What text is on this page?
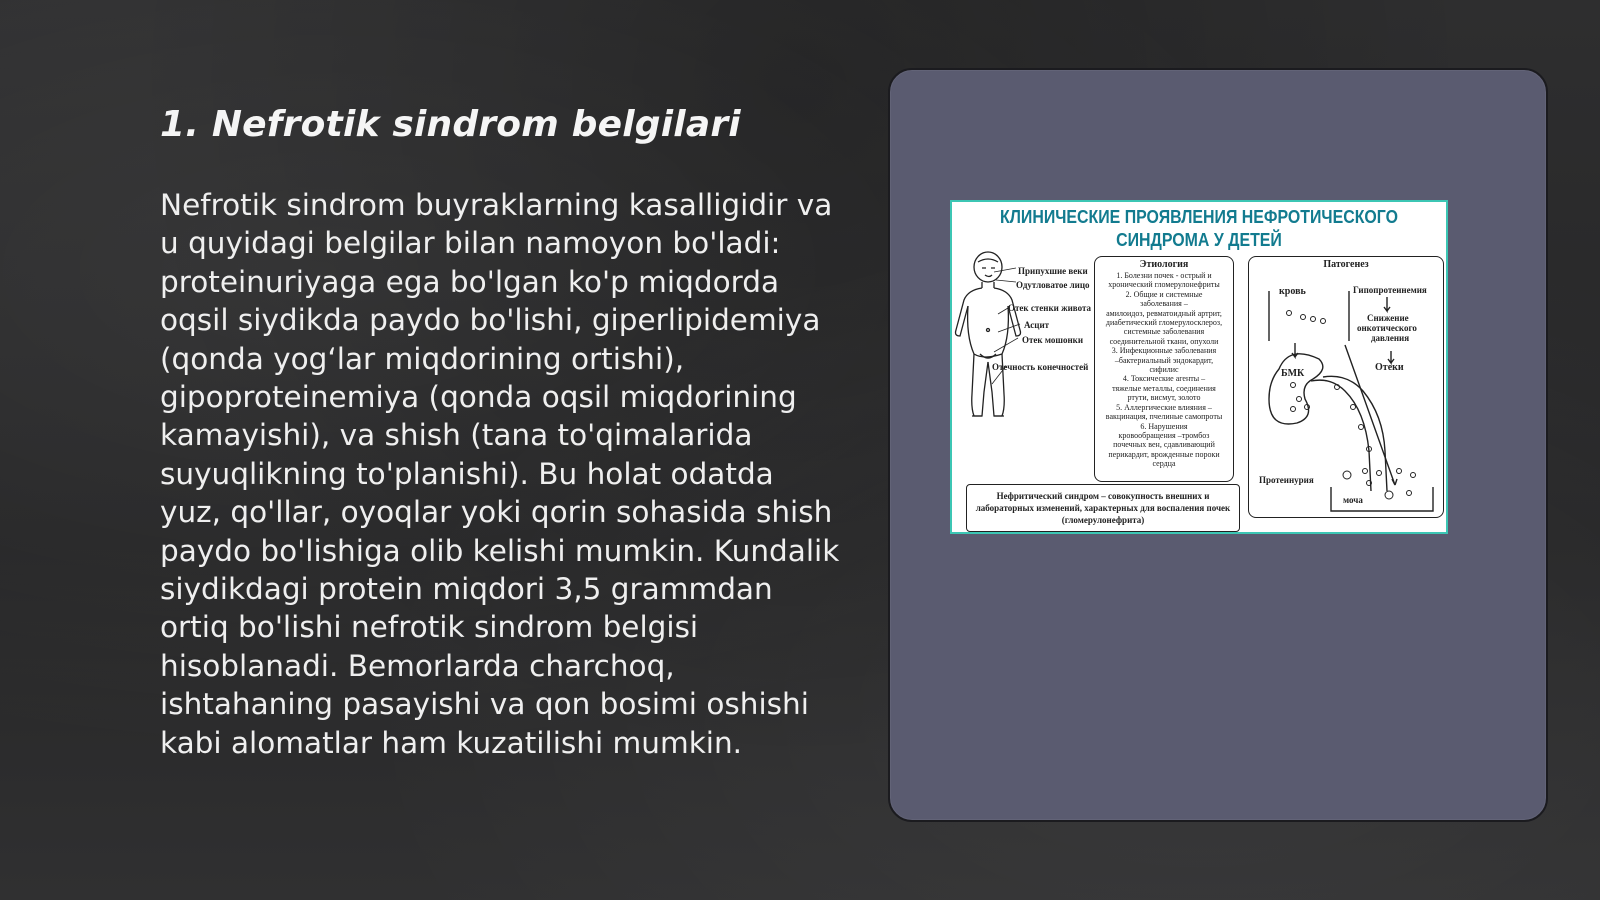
1. Nefrotik sindrom belgilari

Nefrotik sindrom buyraklarning kasalligidir va u quyidagi belgilar bilan namoyon bo'ladi: proteinuriyaga ega bo'lgan ko'p miqdorda oqsil siydikda paydo bo'lishi, giperlipidemiya (qonda yog‘lar miqdorining ortishi), gipoproteinemiya (qonda oqsil miqdorining kamayishi), va shish (tana to'qimalarida suyuqlikning to'planishi). Bu holat odatda yuz, qo'llar, oyoqlar yoki qorin sohasida shish paydo bo'lishiga olib kelishi mumkin. Kundalik siydikdagi protein miqdori 3,5 grammdan ortiq bo'lishi nefrotik sindrom belgisi hisoblanadi. Bemorlarda charchoq, ishtahaning pasayishi va qon bosimi oshishi kabi alomatlar ham kuzatilishi mumkin.

КЛИНИЧЕСКИЕ ПРОЯВЛЕНИЯ НЕФРОТИЧЕСКОГО
СИНДРОМА У ДЕТЕЙ
Припухшие веки
Одутловатое лицо
Отек стенки живота
Асцит
Отек мошонки
Отечность конечностей
Этиология
1. Болезни почек - острый и
хронический гломерулонефриты
2. Общие и системные
заболевания –
амилоидоз, ревматоидный артрит,
диабетический гломерулосклероз,
системные заболевания
соединительной ткани, опухоли
3. Инфекционные заболевания
–бактериальный эндокардит,
сифилис
4. Токсические агенты –
тяжелые металлы, соединения
ртути, висмут, золото
5. Аллергические влияния –
вакцинация, пчелиные самопроты
6. Нарушения
кровообращения –тромбоз
почечных вен, сдавливающий
перикардит, врожденные пороки
сердца
Патогенез
кровь	Гипопротеинемия
Снижение
онкотического
давления
Отеки
БМК
Протеинурия
моча
Нефритический синдром – совокупность внешних и лабораторных изменений, характерных для воспаления почек (гломерулонефрита)
